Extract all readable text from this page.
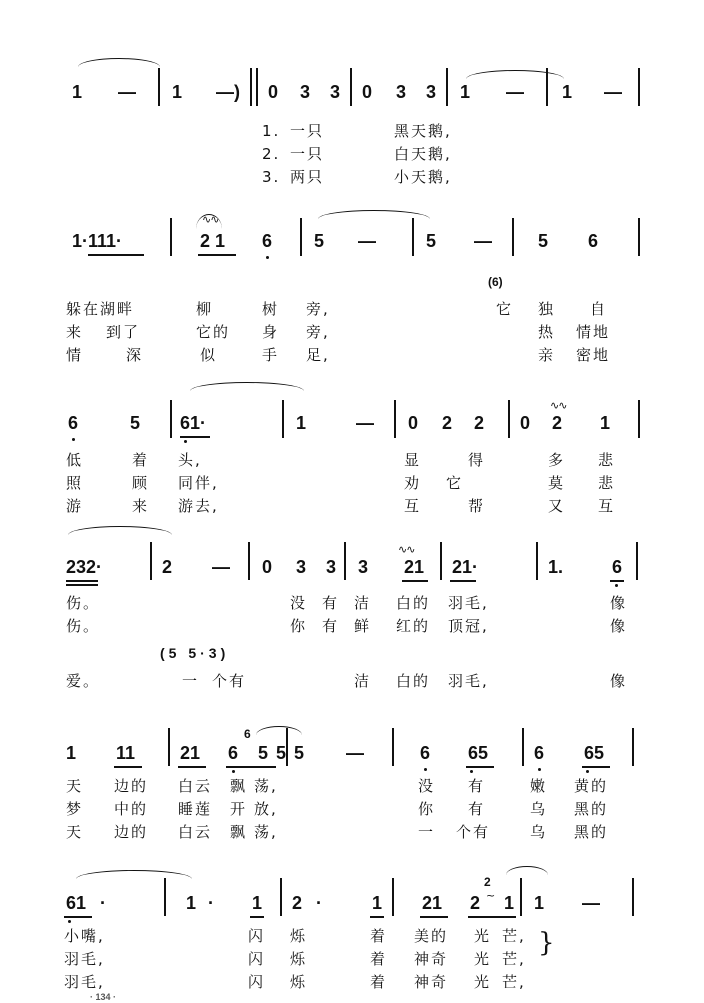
1 — 1 —) 0 3 3 0 3 3 1 — 1 —
1. 一只	黑天鹅,
2. 一只	白天鹅,
3. 两只	小天鹅,
1·111·
∿∿
2 1 6 5 —	5 —	5 6
(6)
躲在湖畔	柳	树 旁,	它 独 自
来 到了	它的 身 旁,	热 情地
情	深	似	手 足,	亲 密地
6	5 61·	1	— 0 2 2 0
∿∿
2 1
低	着 头,	显	得	多 悲
照	顾 同伴,	劝 它	莫 悲
游	来 游去,	互	帮	又 互
232·	2 — 0 3 3 3
∿∿
21 21·	1.	6
伤。	没 有 洁 白的 羽毛,	像
伤。	你 有 鲜 红的 顶冠,	像
(5 5·3)
爱。	一 个有	洁 白的 羽毛,	像
1 11 21 6
6
5 5 5 —	6 65	6 65
天 边的 白云 飘 荡,	没 有	嫩 黄的
梦 中的 睡莲 开 放,	你 有	乌 黑的
天 边的 白云 飘 荡,	一 个有	乌 黑的
61 ·	1 · 1 2 ·	1 21 2
2
~ 1 1 —
小嘴,	闪 烁	着 美的 光 芒,
羽毛,	闪 烁	着 神奇 光 芒,
羽毛,	闪 烁	着 神奇 光 芒,
}
· 134 ·
